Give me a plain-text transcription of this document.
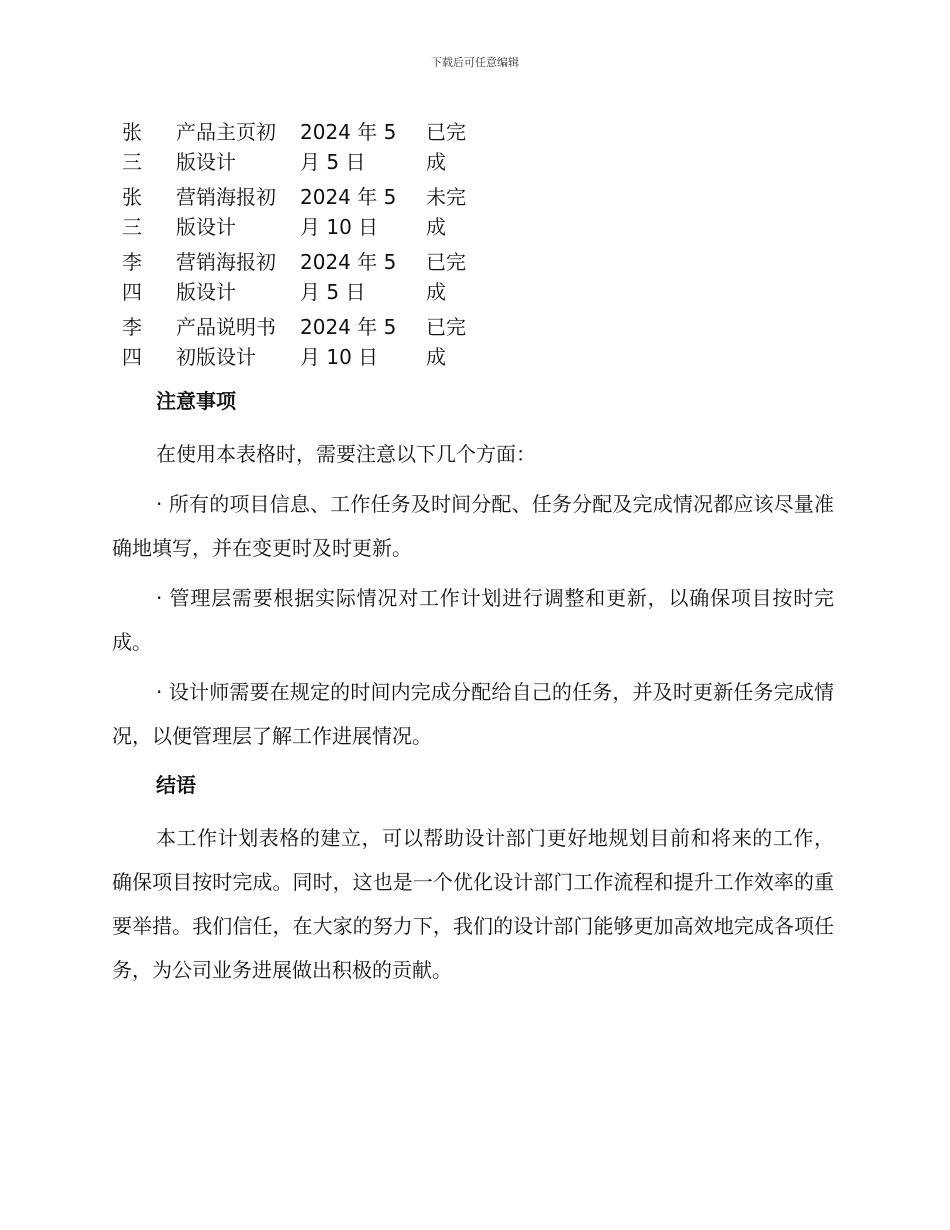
下载后可任意编辑
张三	产品主页初版设计	2024 年 5 月 5 日	已完成

张三	营销海报初版设计	2024 年 5 月 10 日	未完成

李四	营销海报初版设计	2024 年 5 月 5 日	已完成

李四	产品说明书初版设计	2024 年 5 月 10 日	已完成
注意事项

在使用本表格时，需要注意以下几个方面：

· 所有的项目信息、工作任务及时间分配、任务分配及完成情况都应该尽量准确地填写，并在变更时及时更新。

· 管理层需要根据实际情况对工作计划进行调整和更新，以确保项目按时完成。

· 设计师需要在规定的时间内完成分配给自己的任务，并及时更新任务完成情况，以便管理层了解工作进展情况。

结语

本工作计划表格的建立，可以帮助设计部门更好地规划目前和将来的工作，确保项目按时完成。同时，这也是一个优化设计部门工作流程和提升工作效率的重要举措。我们信任，在大家的努力下，我们的设计部门能够更加高效地完成各项任务，为公司业务进展做出积极的贡献。
